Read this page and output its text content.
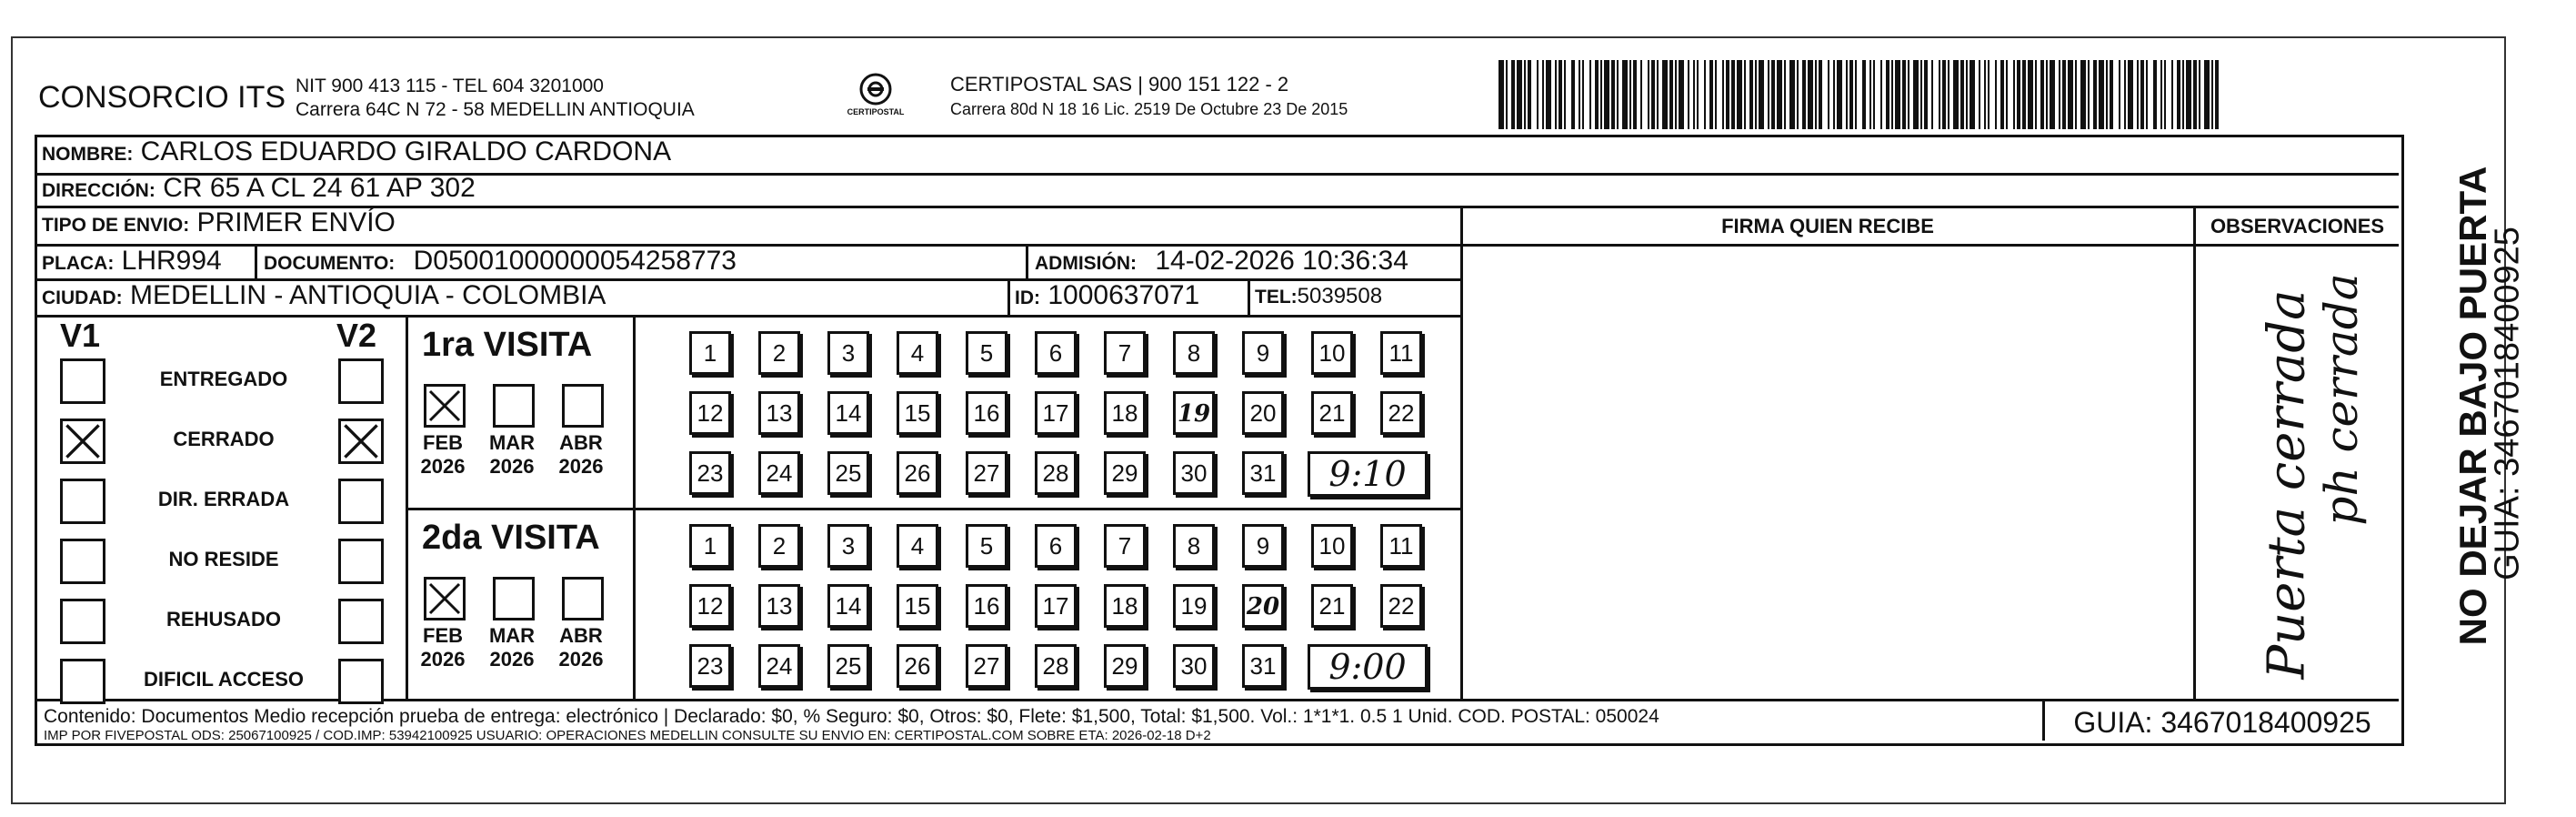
CONSORCIO ITS NIT 900 413 115 - TEL 604 3201000
Carrera 64C N 72 - 58 MEDELLIN ANTIOQUIA	CERTIPOSTAL
CERTIPOSTAL SAS | 900 151 122 - 2
Carrera 80d N 18 16 Lic. 2519 De Octubre 23 De 2015
NOMBRE: CARLOS EDUARDO GIRALDO CARDONA
DIRECCIÓN: CR 65 A CL 24 61 AP 302
TIPO DE ENVIO: PRIMER ENVÍO	FIRMA QUIEN RECIBE	OBSERVACIONES
PLACA: LHR994 DOCUMENTO: D05001000000054258773	ADMISIÓN: 14-02-2026 10:36:34
CIUDAD: MEDELLIN - ANTIOQUIA - COLOMBIA	ID: 1000637071	TEL:5039508
V1	V2
ENTREGADO
CERRADO
DIR. ERRADA
NO RESIDE
REHUSADO
DIFICIL ACCESO
1ra VISITA
FEB
2026
MAR
2026
ABR
2026
1	2	3	4	5	6	7	8	9	10	11
12	13	14	15	16	17	18	19	20	21	22
23	24	25	26	27	28	29	30	31	9:10
2da VISITA
FEB
2026
MAR
2026
ABR
2026
1	2	3	4	5	6	7	8	9	10	11
12	13	14	15	16	17	18	19	20	21	22
23	24	25	26	27	28	29	30	31	9:00	Puerta cerrada
ph cerrada
Contenido: Documentos Medio recepción prueba de entrega: electrónico | Declarado: $0, % Seguro: $0, Otros: $0, Flete: $1,500, Total: $1,500. Vol.: 1*1*1. 0.5 1 Unid. COD. POSTAL: 050024
IMP POR FIVEPOSTAL ODS: 25067100925 / COD.IMP: 53942100925 USUARIO: OPERACIONES MEDELLIN CONSULTE SU ENVIO EN: CERTIPOSTAL.COM SOBRE ETA: 2026-02-18 D+2	GUIA: 3467018400925
NO DEJAR BAJO PUERTA
GUIA: 3467018400925
